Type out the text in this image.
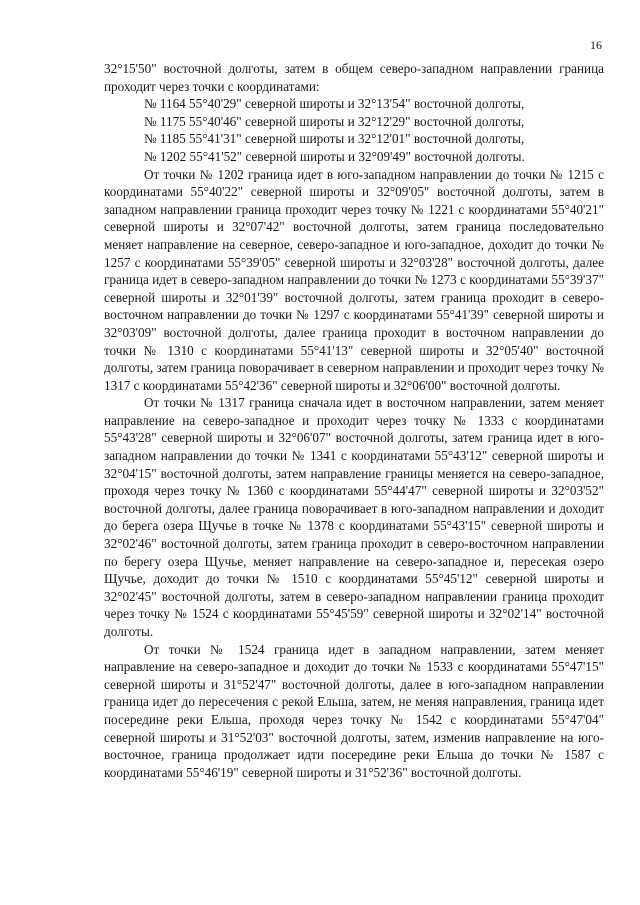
16

32°15'50" восточной долготы, затем в общем северо-западном направлении граница проходит через точки с координатами:

№ 1164 55°40'29" северной широты и 32°13'54" восточной долготы,
№ 1175 55°40'46" северной широты и 32°12'29" восточной долготы,
№ 1185 55°41'31" северной широты и 32°12'01" восточной долготы,
№ 1202 55°41'52" северной широты и 32°09'49" восточной долготы.

От точки № 1202 граница идет в юго-западном направлении до точки № 1215 с координатами 55°40'22" северной широты и 32°09'05" восточной долготы, затем в западном направлении граница проходит через точку № 1221 с координатами 55°40'21" северной широты и 32°07'42" восточной долготы, затем граница последовательно меняет направление на северное, северо-западное и юго-западное, доходит до точки № 1257 с координатами 55°39'05" северной широты и 32°03'28" восточной долготы, далее граница идет в северо-западном направлении до точки № 1273 с координатами 55°39'37" северной широты и 32°01'39" восточной долготы, затем граница проходит в северо-восточном направлении до точки № 1297 с координатами 55°41'39" северной широты и 32°03'09" восточной долготы, далее граница проходит в восточном направлении до точки № 1310 с координатами 55°41'13" северной широты и 32°05'40" восточной долготы, затем граница поворачивает в северном направлении и проходит через точку № 1317 с координатами 55°42'36" северной широты и 32°06'00" восточной долготы.

От точки № 1317 граница сначала идет в восточном направлении, затем меняет направление на северо-западное и проходит через точку № 1333 с координатами 55°43'28" северной широты и 32°06'07" восточной долготы, затем граница идет в юго-западном направлении до точки № 1341 с координатами 55°43'12" северной широты и 32°04'15" восточной долготы, затем направление границы меняется на северо-западное, проходя через точку № 1360 с координатами 55°44'47" северной широты и 32°03'52" восточной долготы, далее граница поворачивает в юго-западном направлении и доходит до берега озера Щучье в точке № 1378 с координатами 55°43'15" северной широты и 32°02'46" восточной долготы, затем граница проходит в северо-восточном направлении по берегу озера Щучье, меняет направление на северо-западное и, пересекая озеро Щучье, доходит до точки № 1510 с координатами 55°45'12" северной широты и 32°02'45" восточной долготы, затем в северо-западном направлении граница проходит через точку № 1524 с координатами 55°45'59" северной широты и 32°02'14" восточной долготы.

От точки № 1524 граница идет в западном направлении, затем меняет направление на северо-западное и доходит до точки № 1533 с координатами 55°47'15" северной широты и 31°52'47" восточной долготы, далее в юго-западном направлении граница идет до пересечения с рекой Ельша, затем, не меняя направления, граница идет посередине реки Ельша, проходя через точку № 1542 с координатами 55°47'04" северной широты и 31°52'03" восточной долготы, затем, изменив направление на юго-восточное, граница продолжает идти посередине реки Ельша до точки № 1587 с координатами 55°46'19" северной широты и 31°52'36" восточной долготы.
